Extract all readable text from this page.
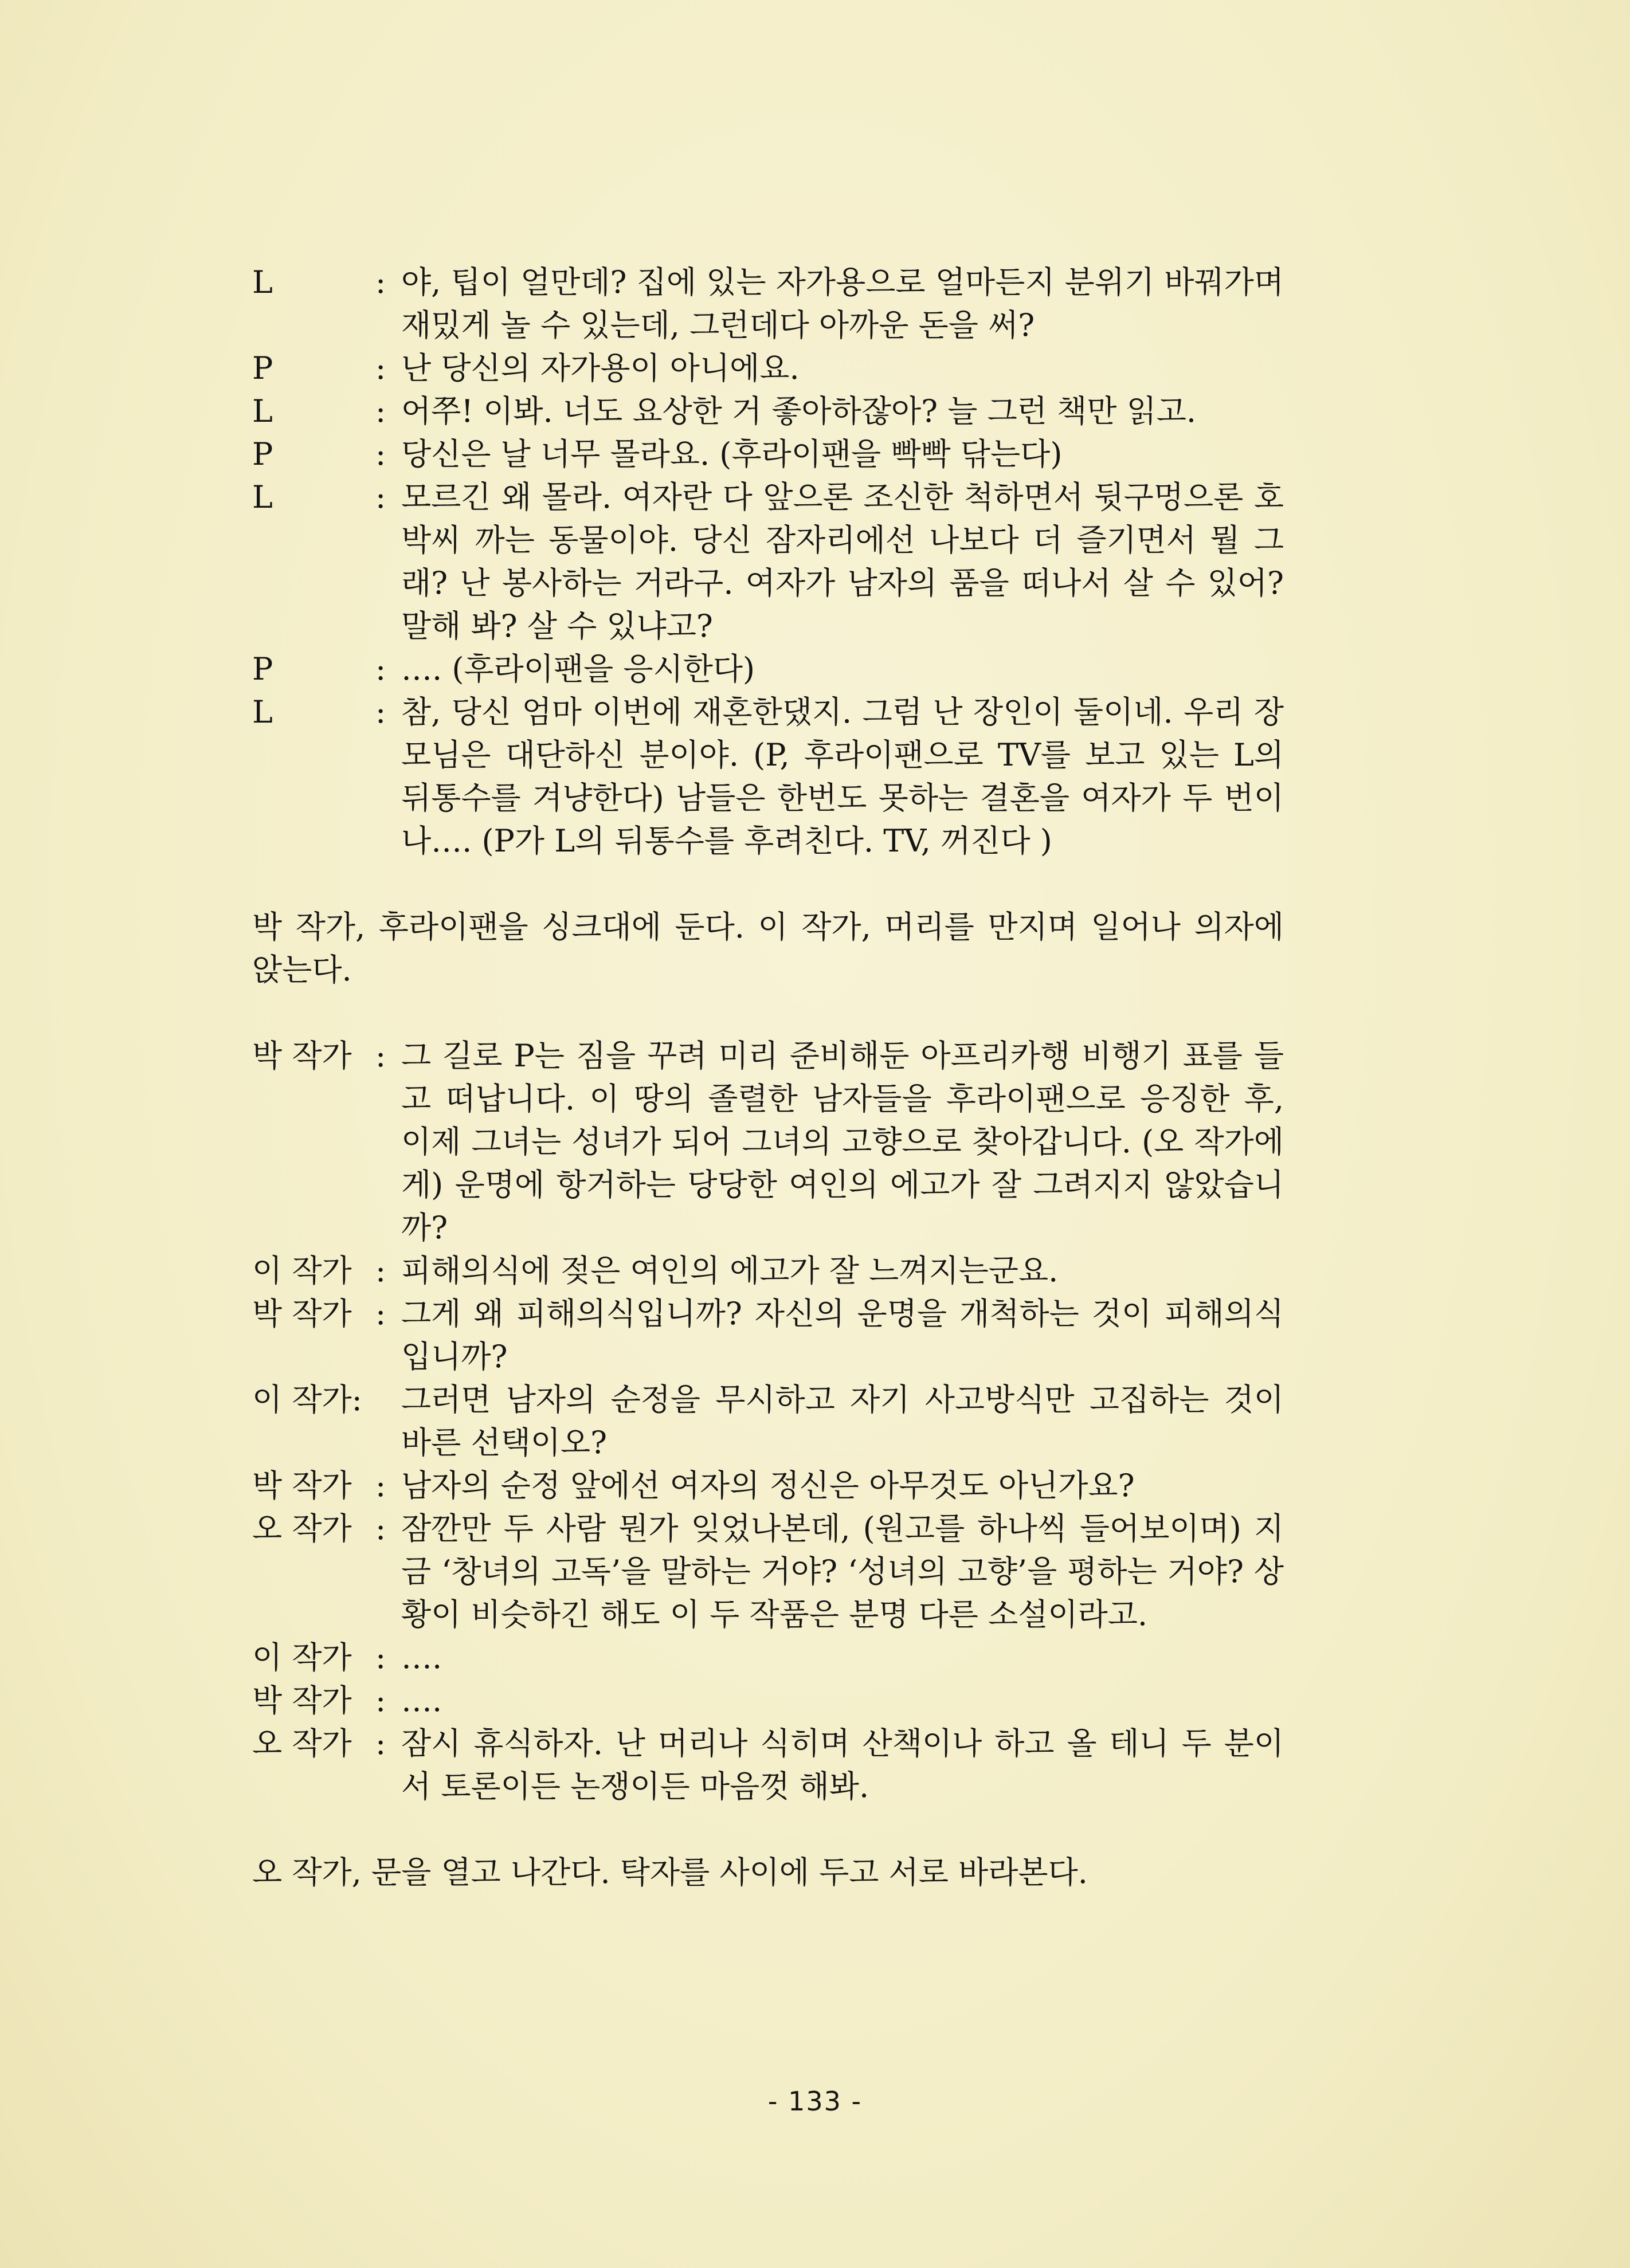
L	: 야, 팁이 얼만데? 집에 있는 자가용으로 얼마든지 분위기 바꿔가며 재밌게 놀 수 있는데, 그런데다 아까운 돈을 써?
P	: 난 당신의 자가용이 아니에요.
L	: 어쭈! 이봐. 너도 요상한 거 좋아하잖아? 늘 그런 책만 읽고.
P	: 당신은 날 너무 몰라요. (후라이팬을 빡빡 닦는다)
L	: 모르긴 왜 몰라. 여자란 다 앞으론 조신한 척하면서 뒷구멍으론 호박씨 까는 동물이야. 당신 잠자리에선 나보다 더 즐기면서 뭘 그래? 난 봉사하는 거라구. 여자가 남자의 품을 떠나서 살 수 있어? 말해 봐? 살 수 있냐고?
P	: …. (후라이팬을 응시한다)
L	: 참, 당신 엄마 이번에 재혼한댔지. 그럼 난 장인이 둘이네. 우리 장모님은 대단하신 분이야. (P, 후라이팬으로 TV를 보고 있는 L의 뒤통수를 겨냥한다) 남들은 한번도 못하는 결혼을 여자가 두 번이나…. (P가 L의 뒤통수를 후려친다. TV, 꺼진다 )
박 작가, 후라이팬을 싱크대에 둔다. 이 작가, 머리를 만지며 일어나 의자에 앉는다.
박 작가 : 그 길로 P는 짐을 꾸려 미리 준비해둔 아프리카행 비행기 표를 들고 떠납니다. 이 땅의 졸렬한 남자들을 후라이팬으로 응징한 후, 이제 그녀는 성녀가 되어 그녀의 고향으로 찾아갑니다. (오 작가에게) 운명에 항거하는 당당한 여인의 에고가 잘 그려지지 않았습니까?
이 작가 : 피해의식에 젖은 여인의 에고가 잘 느껴지는군요.
박 작가 : 그게 왜 피해의식입니까? 자신의 운명을 개척하는 것이 피해의식입니까?
이 작가:	그러면 남자의 순정을 무시하고 자기 사고방식만 고집하는 것이 바른 선택이오?
박 작가 : 남자의 순정 앞에선 여자의 정신은 아무것도 아닌가요?
오 작가 : 잠깐만 두 사람 뭔가 잊었나본데, (원고를 하나씩 들어보이며) 지금 ‘창녀의 고독’을 말하는 거야? ‘성녀의 고향’을 평하는 거야? 상황이 비슷하긴 해도 이 두 작품은 분명 다른 소설이라고.
이 작가 : ….
박 작가 : ….
오 작가 : 잠시 휴식하자. 난 머리나 식히며 산책이나 하고 올 테니 두 분이서 토론이든 논쟁이든 마음껏 해봐.
오 작가, 문을 열고 나간다. 탁자를 사이에 두고 서로 바라본다.
- 133 -
